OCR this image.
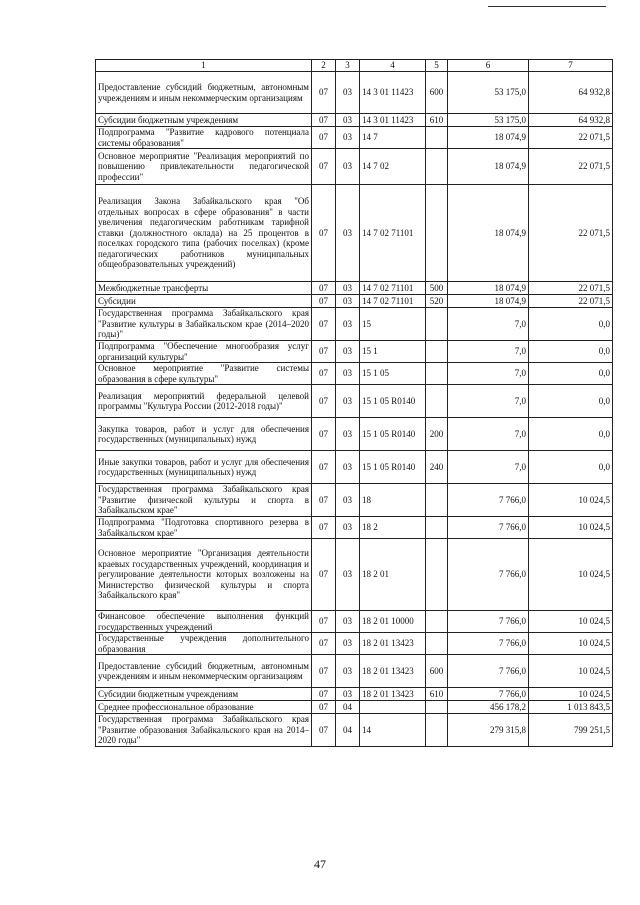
1	2	3	4	5	6	7
Предоставление субсидий бюджетным, автономным учреждениям и иным некоммерческим организациям	07	03	14 3 01 11423	600	53 175,0	64 932,8
Субсидии бюджетным учреждениям	07	03	14 3 01 11423	610	53 175,0	64 932,8
Подпрограмма "Развитие кадрового потенциала системы образования"	07	03	14 7		18 074,9	22 071,5
Основное мероприятие "Реализация мероприятий по повышению привлекательности педагогической профессии"	07	03	14 7 02		18 074,9	22 071,5
Реализация Закона Забайкальского края "Об отдельных вопросах в сфере образования" в части увеличения педагогическим работникам тарифной ставки (должностного оклада) на 25 процентов в поселках городского типа (рабочих поселках) (кроме педагогических работников муниципальных общеобразовательных учреждений)	07	03	14 7 02 71101		18 074,9	22 071,5
Межбюджетные трансферты	07	03	14 7 02 71101	500	18 074,9	22 071,5
Субсидии	07	03	14 7 02 71101	520	18 074,9	22 071,5
Государственная программа Забайкальского края "Развитие культуры в Забайкальском крае (2014–2020 годы)"	07	03	15		7,0	0,0
Подпрограмма "Обеспечение многообразия услуг организаций культуры"	07	03	15 1		7,0	0,0
Основное мероприятие "Развитие системы образования в сфере культуры"	07	03	15 1 05		7,0	0,0
Реализация мероприятий федеральной целевой программы "Культура России (2012-2018 годы)"	07	03	15 1 05 R0140		7,0	0,0
Закупка товаров, работ и услуг для обеспечения государственных (муниципальных) нужд	07	03	15 1 05 R0140	200	7,0	0,0
Иные закупки товаров, работ и услуг для обеспечения государственных (муниципальных) нужд	07	03	15 1 05 R0140	240	7,0	0,0
Государственная программа Забайкальского края "Развитие физической культуры и спорта в Забайкальском крае"	07	03	18		7 766,0	10 024,5
Подпрограмма "Подготовка спортивного резерва в Забайкальском крае"	07	03	18 2		7 766,0	10 024,5
Основное мероприятие "Организация деятельности краевых государственных учреждений, координация и регулирование деятельности которых возложены на Министерство физической культуры и спорта Забайкальского края"	07	03	18 2 01		7 766,0	10 024,5
Финансовое обеспечение выполнения функций государственных учреждений	07	03	18 2 01 10000		7 766,0	10 024,5
Государственные учреждения дополнительного образования	07	03	18 2 01 13423		7 766,0	10 024,5
Предоставление субсидий бюджетным, автономным учреждениям и иным некоммерческим организациям	07	03	18 2 01 13423	600	7 766,0	10 024,5
Субсидии бюджетным учреждениям	07	03	18 2 01 13423	610	7 766,0	10 024,5
Среднее профессиональное образование	07	04			456 178,2	1 013 843,5
Государственная программа Забайкальского края "Развитие образования Забайкальского края на 2014–2020 годы"	07	04	14		279 315,8	799 251,5
47
